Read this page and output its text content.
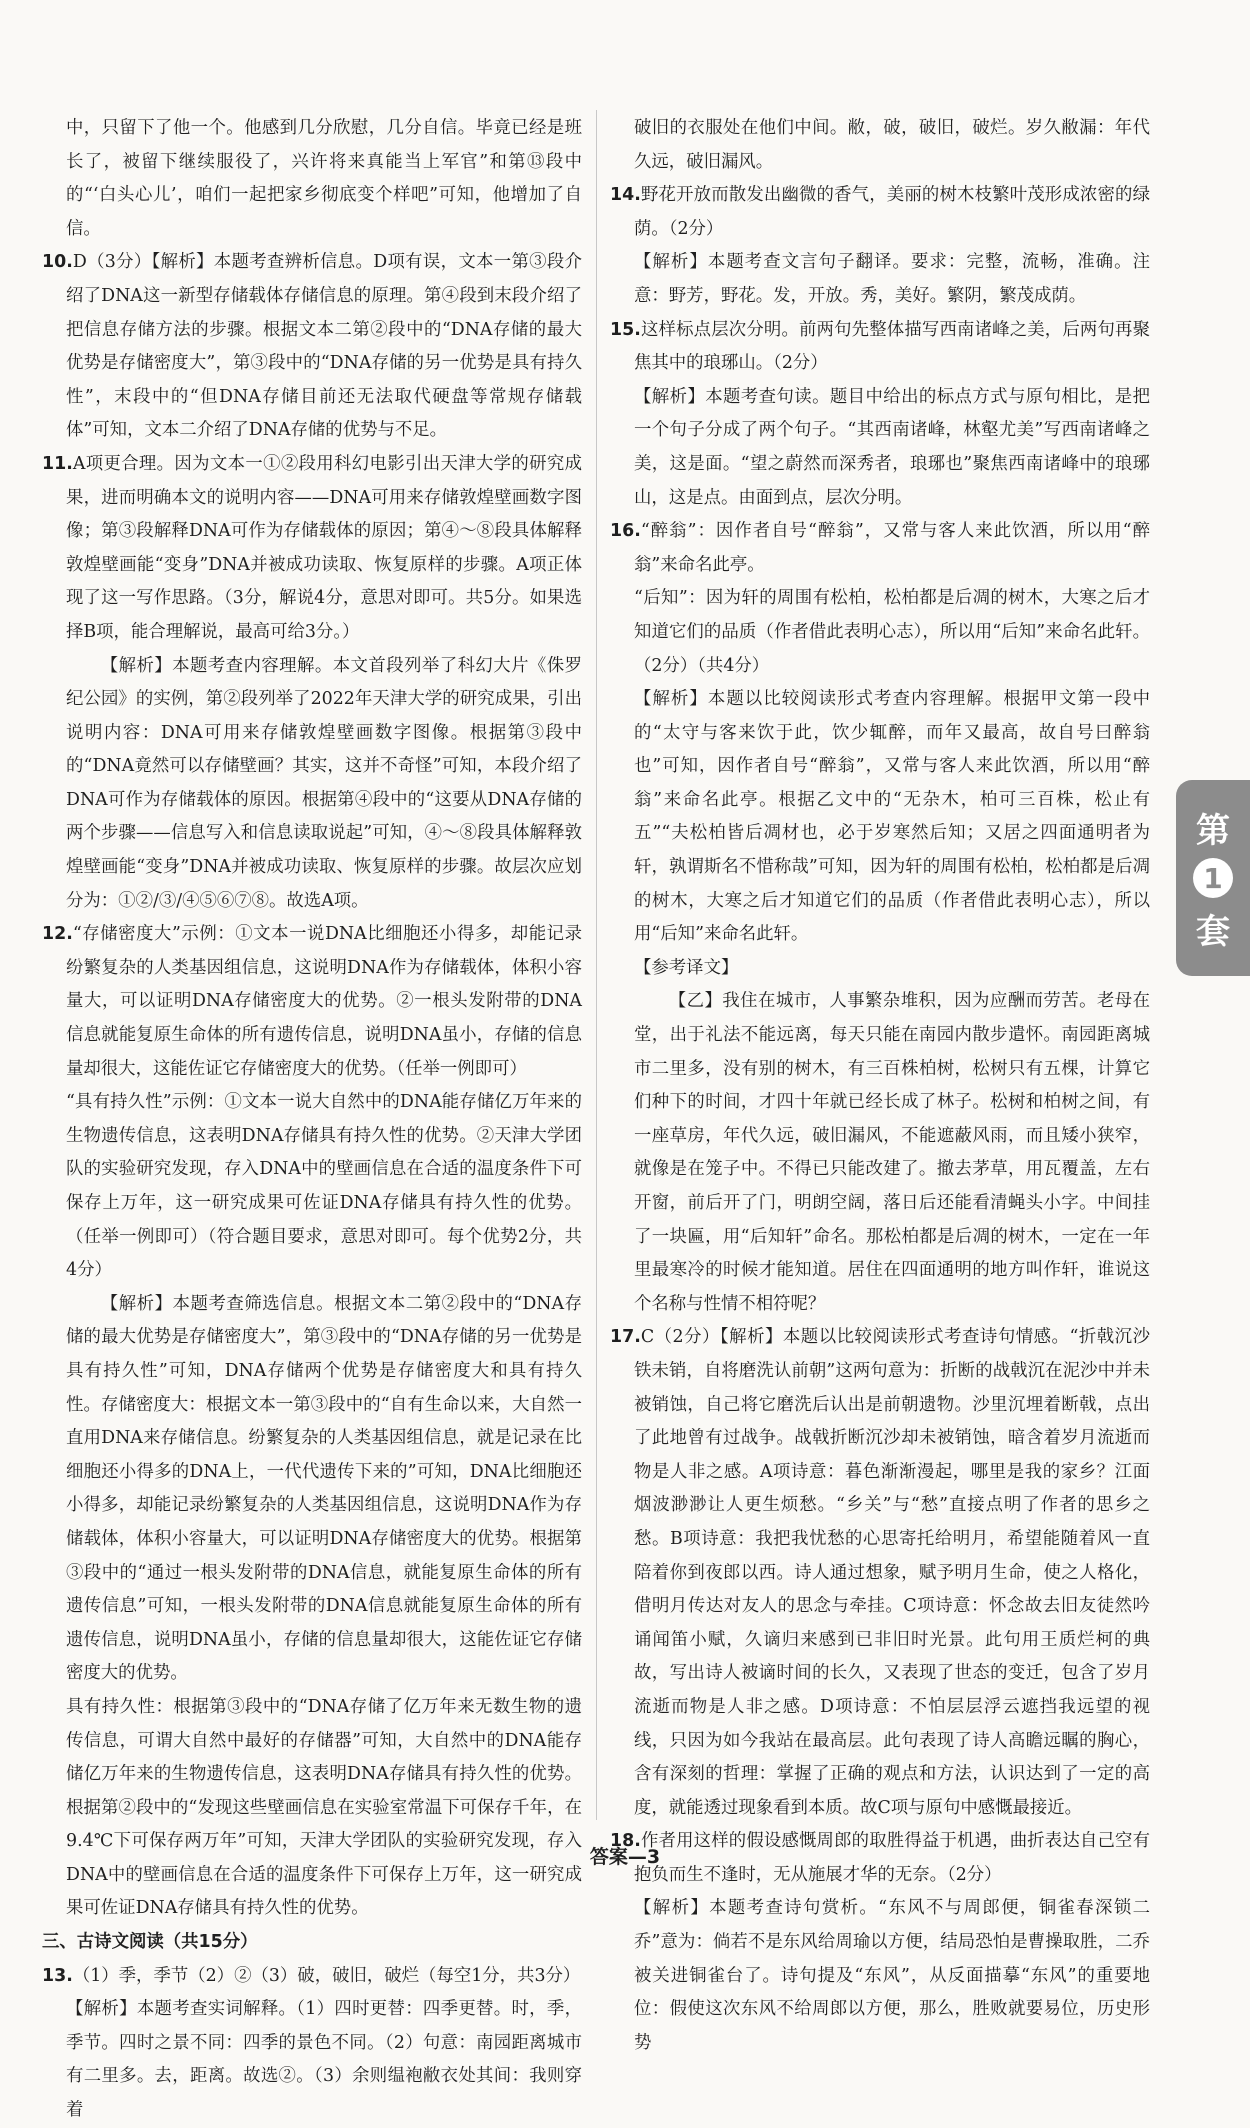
中，只留下了他一个。他感到几分欣慰，几分自信。毕竟已经是班长了，被留下继续服役了，兴许将来真能当上军官”和第⑬段中的“‘白头心儿’，咱们一起把家乡彻底变个样吧”可知，他增加了自信。

10.D（3分）【解析】本题考查辨析信息。D项有误，文本一第③段介绍了DNA这一新型存储载体存储信息的原理。第④段到末段介绍了把信息存储方法的步骤。根据文本二第②段中的“DNA存储的最大优势是存储密度大”，第③段中的“DNA存储的另一优势是具有持久性”，末段中的“但DNA存储目前还无法取代硬盘等常规存储载体”可知，文本二介绍了DNA存储的优势与不足。

11.A项更合理。因为文本一①②段用科幻电影引出天津大学的研究成果，进而明确本文的说明内容——DNA可用来存储敦煌壁画数字图像；第③段解释DNA可作为存储载体的原因；第④～⑧段具体解释敦煌壁画能“变身”DNA并被成功读取、恢复原样的步骤。A项正体现了这一写作思路。（3分，解说4分，意思对即可。共5分。如果选择B项，能合理解说，最高可给3分。）

【解析】本题考查内容理解。本文首段列举了科幻大片《侏罗纪公园》的实例，第②段列举了2022年天津大学的研究成果，引出说明内容：DNA可用来存储敦煌壁画数字图像。根据第③段中的“DNA竟然可以存储壁画？其实，这并不奇怪”可知，本段介绍了DNA可作为存储载体的原因。根据第④段中的“这要从DNA存储的两个步骤——信息写入和信息读取说起”可知，④～⑧段具体解释敦煌壁画能“变身”DNA并被成功读取、恢复原样的步骤。故层次应划分为：①②/③/④⑤⑥⑦⑧。故选A项。

12.“存储密度大”示例：①文本一说DNA比细胞还小得多，却能记录纷繁复杂的人类基因组信息，这说明DNA作为存储载体，体积小容量大，可以证明DNA存储密度大的优势。②一根头发附带的DNA信息就能复原生命体的所有遗传信息，说明DNA虽小，存储的信息量却很大，这能佐证它存储密度大的优势。（任举一例即可）

“具有持久性”示例：①文本一说大自然中的DNA能存储亿万年来的生物遗传信息，这表明DNA存储具有持久性的优势。②天津大学团队的实验研究发现，存入DNA中的壁画信息在合适的温度条件下可保存上万年，这一研究成果可佐证DNA存储具有持久性的优势。（任举一例即可）（符合题目要求，意思对即可。每个优势2分，共4分）

【解析】本题考查筛选信息。根据文本二第②段中的“DNA存储的最大优势是存储密度大”，第③段中的“DNA存储的另一优势是具有持久性”可知，DNA存储两个优势是存储密度大和具有持久性。存储密度大：根据文本一第③段中的“自有生命以来，大自然一直用DNA来存储信息。纷繁复杂的人类基因组信息，就是记录在比细胞还小得多的DNA上，一代代遗传下来的”可知，DNA比细胞还小得多，却能记录纷繁复杂的人类基因组信息，这说明DNA作为存储载体，体积小容量大，可以证明DNA存储密度大的优势。根据第③段中的“通过一根头发附带的DNA信息，就能复原生命体的所有遗传信息”可知，一根头发附带的DNA信息就能复原生命体的所有遗传信息，说明DNA虽小，存储的信息量却很大，这能佐证它存储密度大的优势。

具有持久性：根据第③段中的“DNA存储了亿万年来无数生物的遗传信息，可谓大自然中最好的存储器”可知，大自然中的DNA能存储亿万年来的生物遗传信息，这表明DNA存储具有持久性的优势。根据第②段中的“发现这些壁画信息在实验室常温下可保存千年，在9.4℃下可保存两万年”可知，天津大学团队的实验研究发现，存入DNA中的壁画信息在合适的温度条件下可保存上万年，这一研究成果可佐证DNA存储具有持久性的优势。

三、古诗文阅读（共15分）

13.（1）季，季节（2）②（3）破，破旧，破烂（每空1分，共3分）

【解析】本题考查实词解释。（1）四时更替：四季更替。时，季，季节。四时之景不同：四季的景色不同。（2）句意：南园距离城市有二里多。去，距离。故选②。（3）余则缊袍敝衣处其间：我则穿着

破旧的衣服处在他们中间。敝，破，破旧，破烂。岁久敝漏：年代久远，破旧漏风。

14.野花开放而散发出幽微的香气，美丽的树木枝繁叶茂形成浓密的绿荫。（2分）

【解析】本题考查文言句子翻译。要求：完整，流畅，准确。注意：野芳，野花。发，开放。秀，美好。繁阴，繁茂成荫。

15.这样标点层次分明。前两句先整体描写西南诸峰之美，后两句再聚焦其中的琅琊山。（2分）

【解析】本题考查句读。题目中给出的标点方式与原句相比，是把一个句子分成了两个句子。“其西南诸峰，林壑尤美”写西南诸峰之美，这是面。“望之蔚然而深秀者，琅琊也”聚焦西南诸峰中的琅琊山，这是点。由面到点，层次分明。

16.“醉翁”：因作者自号“醉翁”，又常与客人来此饮酒，所以用“醉翁”来命名此亭。

“后知”：因为轩的周围有松柏，松柏都是后凋的树木，大寒之后才知道它们的品质（作者借此表明心志），所以用“后知”来命名此轩。（2分）（共4分）

【解析】本题以比较阅读形式考查内容理解。根据甲文第一段中的“太守与客来饮于此，饮少辄醉，而年又最高，故自号曰醉翁也”可知，因作者自号“醉翁”，又常与客人来此饮酒，所以用“醉翁”来命名此亭。根据乙文中的“无杂木，柏可三百株，松止有五”“夫松柏皆后凋材也，必于岁寒然后知；又居之四面通明者为轩，孰谓斯名不惜称哉”可知，因为轩的周围有松柏，松柏都是后凋的树木，大寒之后才知道它们的品质（作者借此表明心志），所以用“后知”来命名此轩。

【参考译文】

【乙】我住在城市，人事繁杂堆积，因为应酬而劳苦。老母在堂，出于礼法不能远离，每天只能在南园内散步遣怀。南园距离城市二里多，没有别的树木，有三百株柏树，松树只有五棵，计算它们种下的时间，才四十年就已经长成了林子。松树和柏树之间，有一座草房，年代久远，破旧漏风，不能遮蔽风雨，而且矮小狭窄，就像是在笼子中。不得已只能改建了。撤去茅草，用瓦覆盖，左右开窗，前后开了门，明朗空阔，落日后还能看清蝇头小字。中间挂了一块匾，用“后知轩”命名。那松柏都是后凋的树木，一定在一年里最寒冷的时候才能知道。居住在四面通明的地方叫作轩，谁说这个名称与性情不相符呢？

17.C（2分）【解析】本题以比较阅读形式考查诗句情感。“折戟沉沙铁未销，自将磨洗认前朝”这两句意为：折断的战戟沉在泥沙中并未被销蚀，自己将它磨洗后认出是前朝遗物。沙里沉埋着断戟，点出了此地曾有过战争。战戟折断沉沙却未被销蚀，暗含着岁月流逝而物是人非之感。A项诗意：暮色渐渐漫起，哪里是我的家乡？江面烟波渺渺让人更生烦愁。“乡关”与“愁”直接点明了作者的思乡之愁。B项诗意：我把我忧愁的心思寄托给明月，希望能随着风一直陪着你到夜郎以西。诗人通过想象，赋予明月生命，使之人格化，借明月传达对友人的思念与牵挂。C项诗意：怀念故去旧友徒然吟诵闻笛小赋，久谪归来感到已非旧时光景。此句用王质烂柯的典故，写出诗人被谪时间的长久，又表现了世态的变迁，包含了岁月流逝而物是人非之感。D项诗意：不怕层层浮云遮挡我远望的视线，只因为如今我站在最高层。此句表现了诗人高瞻远瞩的胸心，含有深刻的哲理：掌握了正确的观点和方法，认识达到了一定的高度，就能透过现象看到本质。故C项与原句中感慨最接近。

18.作者用这样的假设感慨周郎的取胜得益于机遇，曲折表达自己空有抱负而生不逢时，无从施展才华的无奈。（2分）

【解析】本题考查诗句赏析。“东风不与周郎便，铜雀春深锁二乔”意为：倘若不是东风给周瑜以方便，结局恐怕是曹操取胜，二乔被关进铜雀台了。诗句提及“东风”，从反面描摹“东风”的重要地位：假使这次东风不给周郎以方便，那么，胜败就要易位，历史形势

第
1
套
答案—3
